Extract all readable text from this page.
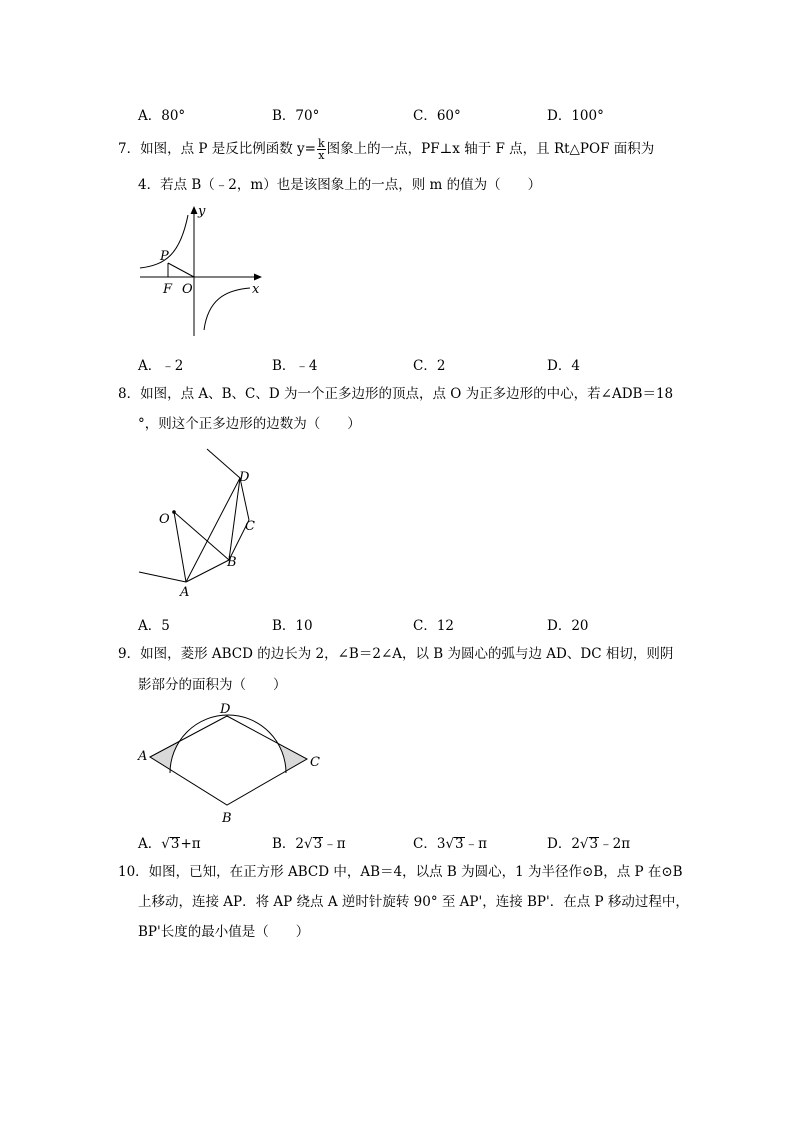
A．80°	B．70°	C．60°	D．100°
7．如图，点 P 是反比例函数 $y= \frac{k}{x}$ 图象上的一点，PF⊥x 轴于 F 点，且 Rt△POF 面积为
4．若点 B（﹣2，m）也是该图象上的一点，则 m 的值为（　　）
y
x
P
F O
A．﹣2	B．﹣4	C．2	D．4
8．如图，点 A、B、C、D 为一个正多边形的顶点，点 O 为正多边形的中心，若∠ADB＝18
°，则这个正多边形的边数为（　　）
O
A
B
C
D
A．5	B．10	C．12	D．20
9．如图，菱形 ABCD 的边长为 2，∠B＝2∠A，以 B 为圆心的弧与边 AD、DC 相切，则阴
影部分的面积为（　　）
A
D
C
B
A．√3+π	B．2√3﹣π	C．3√3﹣π	D．2√3﹣2π
10．如图，已知，在正方形 ABCD 中，AB＝4，以点 B 为圆心，1 为半径作⊙B，点 P 在⊙B
上移动，连接 AP．将 AP 绕点 A 逆时针旋转 90° 至 AP'，连接 BP'．在点 P 移动过程中，
BP'长度的最小值是（　　）
